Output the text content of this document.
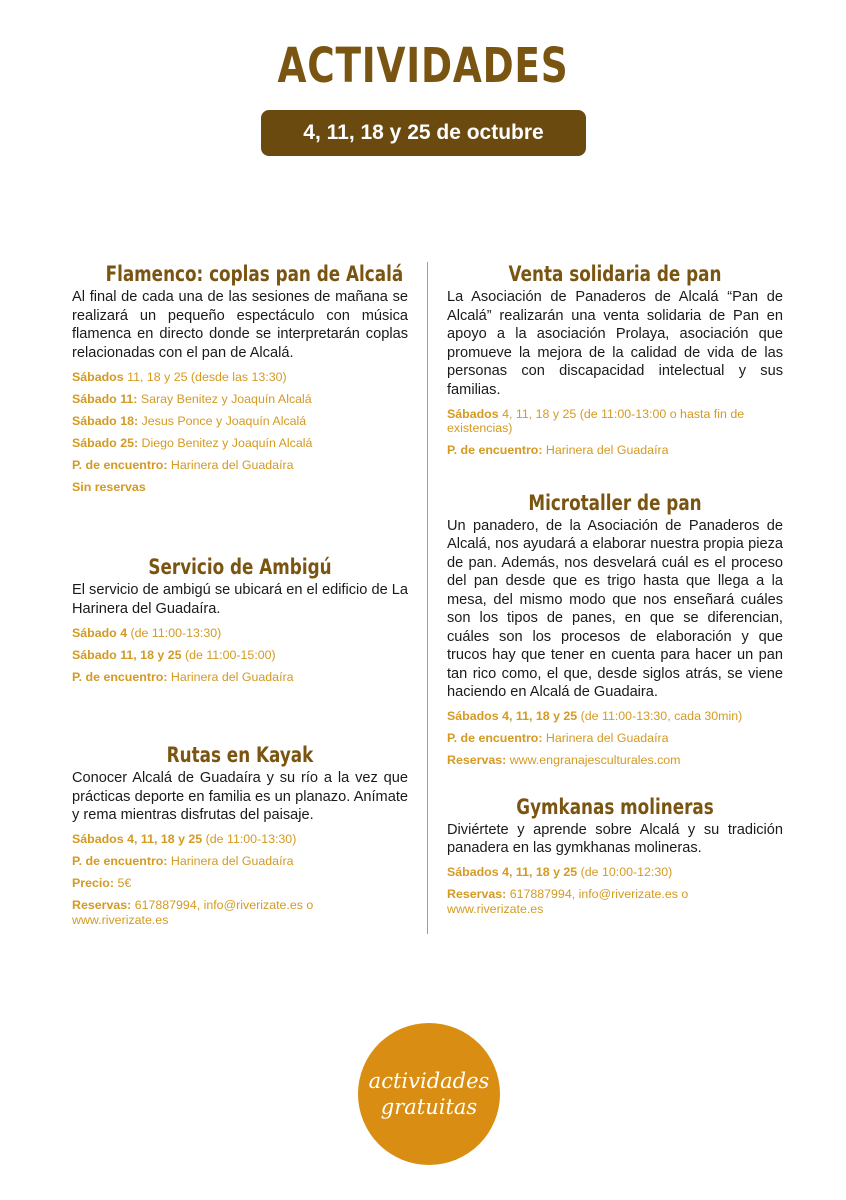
ACTIVIDADES
4, 11, 18 y 25 de octubre
Flamenco: coplas pan de Alcalá
Al final de cada una de las sesiones de mañana se realizará un pequeño espectáculo con música flamenca en directo donde se interpretarán coplas relacionadas con el pan de Alcalá.
Sábados 11, 18 y 25 (desde las 13:30)
Sábado 11: Saray Benitez y Joaquín Alcalá
Sábado 18: Jesus Ponce y Joaquín Alcalá
Sábado 25: Diego Benitez y Joaquín Alcalá
P. de encuentro: Harinera del Guadaíra
Sin reservas
Servicio de Ambigú
El servicio de ambigú se ubicará en el edificio de La Harinera del Guadaíra.
Sábado 4 (de 11:00-13:30)
Sábado 11, 18 y 25 (de 11:00-15:00)
P. de encuentro: Harinera del Guadaíra
Rutas en Kayak
Conocer Alcalá de Guadaíra y su río a la vez que prácticas deporte en familia es un planazo. Anímate y rema mientras disfrutas del paisaje.
Sábados 4, 11, 18 y 25 (de 11:00-13:30)
P. de encuentro: Harinera del Guadaíra
Precio: 5€
Reservas: 617887994, info@riverizate.es o www.riverizate.es
Venta solidaria de pan
La Asociación de Panaderos de Alcalá “Pan de Alcalá” realizarán una venta solidaria de Pan en apoyo a la asociación Prolaya, asociación que promueve la mejora de la calidad de vida de las personas con discapacidad intelectual y sus familias.
Sábados 4, 11, 18 y 25 (de 11:00-13:00 o hasta fin de existencias)
P. de encuentro: Harinera del Guadaíra
Microtaller de pan
Un panadero, de la Asociación de Panaderos de Alcalá, nos ayudará a elaborar nuestra propia pieza de pan. Además, nos desvelará cuál es el proceso del pan desde que es trigo hasta que llega a la mesa, del mismo modo que nos enseñará cuáles son los tipos de panes, en que se diferencian, cuáles son los procesos de elaboración y que trucos hay que tener en cuenta para hacer un pan tan rico como, el que, desde siglos atrás, se viene haciendo en Alcalá de Guadaira.
Sábados 4, 11, 18 y 25 (de 11:00-13:30, cada 30min)
P. de encuentro: Harinera del Guadaíra
Reservas: www.engranajesculturales.com
Gymkanas molineras
Diviértete y aprende sobre Alcalá y su tradición panadera en las gymkhanas molineras.
Sábados 4, 11, 18 y 25 (de 10:00-12:30)
Reservas: 617887994, info@riverizate.es o www.riverizate.es
actividades
gratuitas
